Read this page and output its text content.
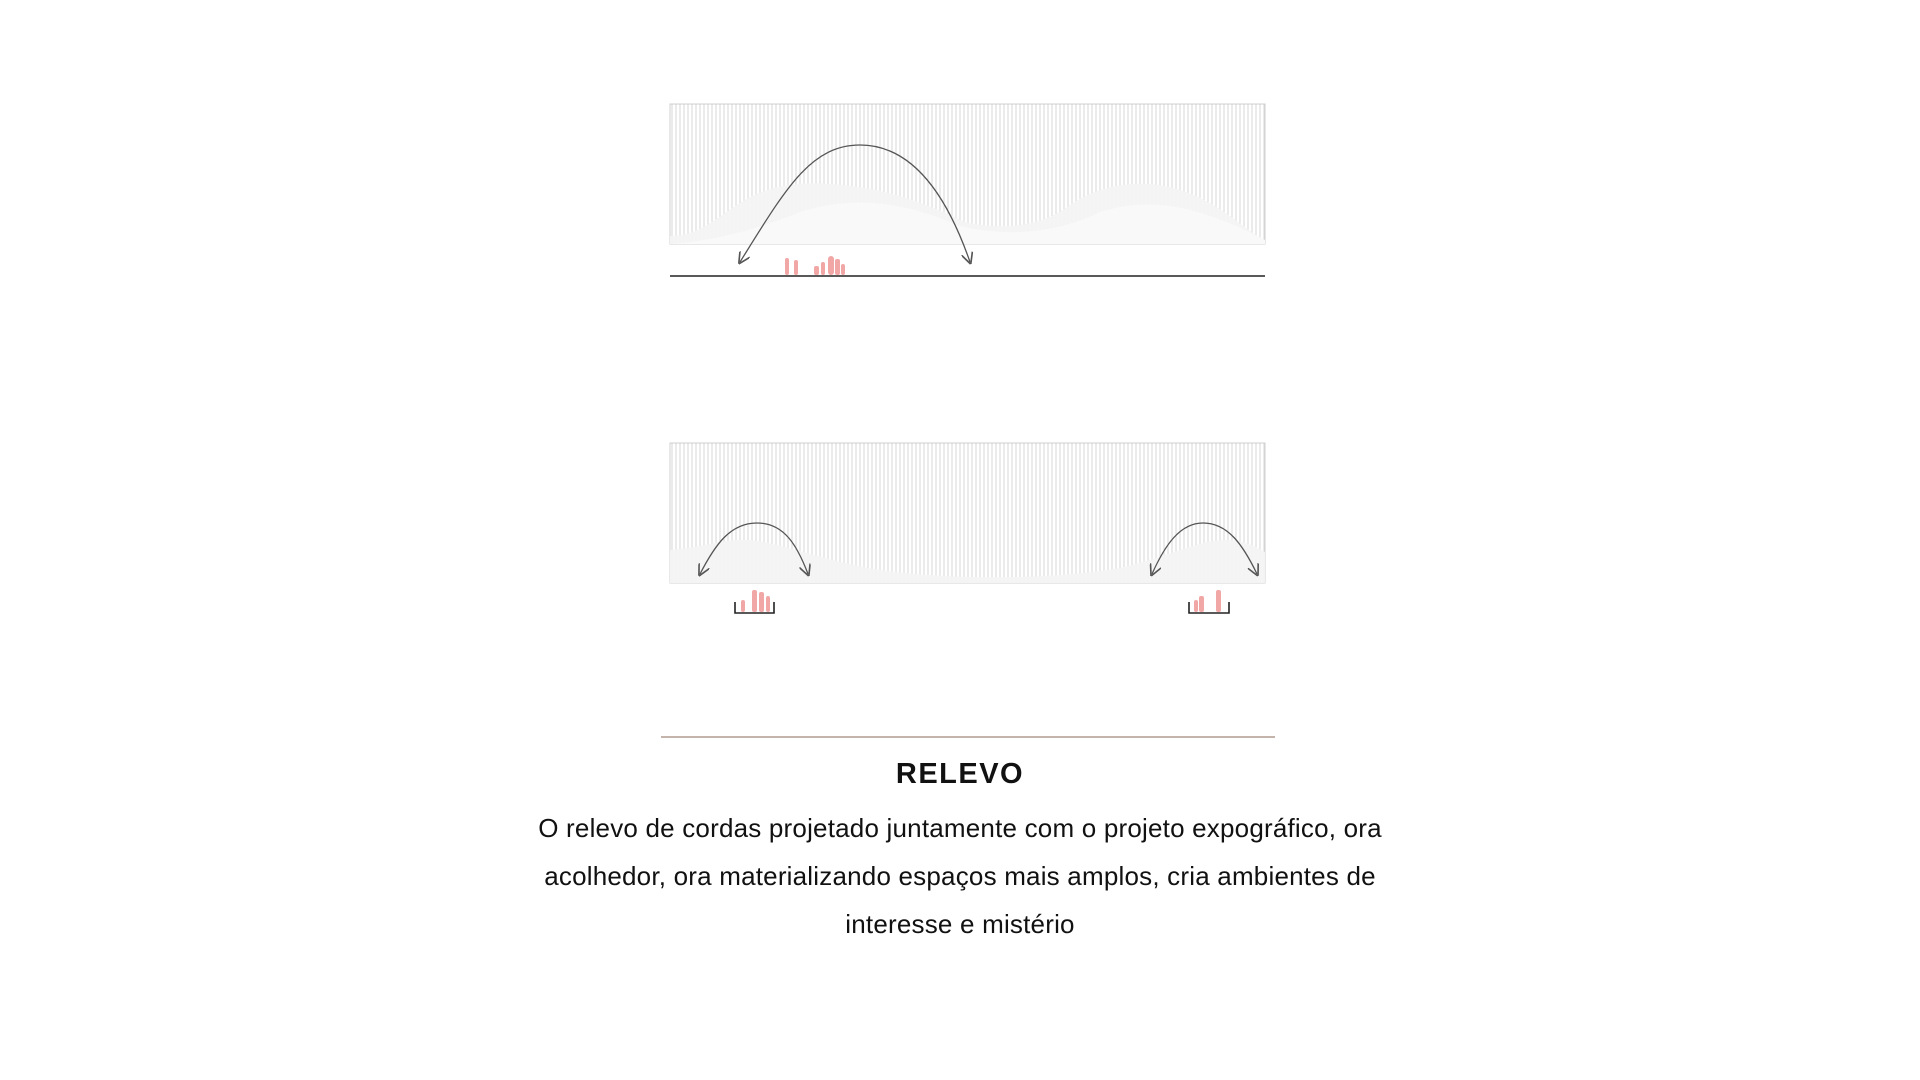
RELEVO
O relevo de cordas projetado juntamente com o projeto expográfico, ora acolhedor, ora materializando espaços mais amplos, cria ambientes de interesse e mistério
